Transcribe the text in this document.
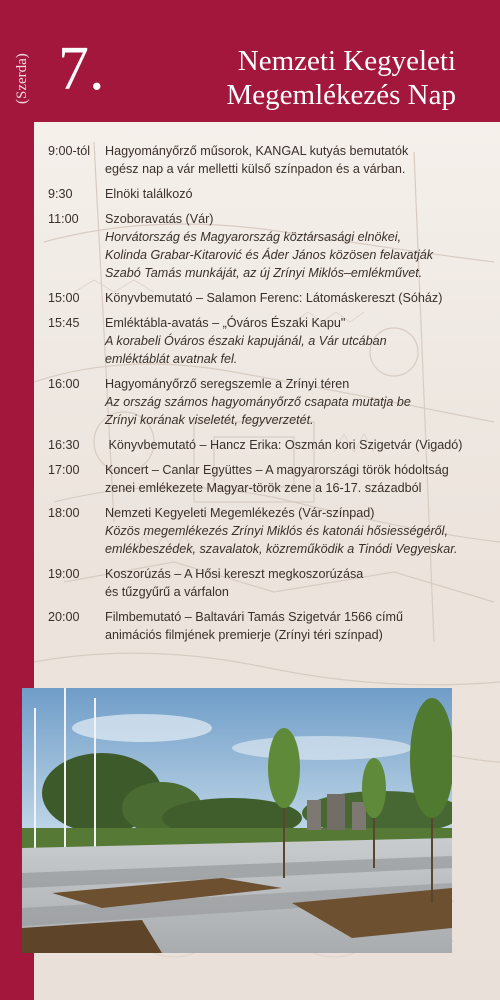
(Szerda) 7.	Nemzeti Kegyeleti
Megemlékezés Nap
9:00-tól	Hagyományőrző műsorok, KANGAL kutyás bemutatók
egész nap a vár melletti külső színpadon és a várban.
9:30	Elnöki találkozó
11:00	Szoboravatás (Vár)
Horvátország és Magyarország köztársasági elnökei,
Kolinda Grabar-Kitarović és Áder János közösen felavatják
Szabó Tamás munkáját, az új Zrínyi Miklós–emlékművet.
15:00	Könyvbemutató – Salamon Ferenc: Látomáskereszt (Sóház)
15:45	Emléktábla-avatás – „Óváros Északi Kapu"
A korabeli Óváros északi kapujánál, a Vár utcában
emléktáblát avatnak fel.
16:00	Hagyományőrző seregszemle a Zrínyi téren
Az ország számos hagyományőrző csapata mutatja be
Zrínyi korának viseletét, fegyverzetét.
16:30	Könyvbemutató – Hancz Erika: Oszmán kori Szigetvár (Vigadó)
17:00	Koncert – Canlar Együttes – A magyarországi török hódoltság
zenei emlékezete Magyar-török zene a 16-17. századból
18:00	Nemzeti Kegyeleti Megemlékezés (Vár-színpad)
Közös megemlékezés Zrínyi Miklós és katonái hősiességéről,
emlékbeszédek, szavalatok, közreműködik a Tinódi Vegyeskar.
19:00	Koszorúzás – A Hősi kereszt megkoszorúzása
és tűzgyűrű a várfalon
20:00	Filmbemutató – Baltavári Tamás Szigetvár 1566 című
animációs filmjének premierje (Zrínyi téri színpad)
